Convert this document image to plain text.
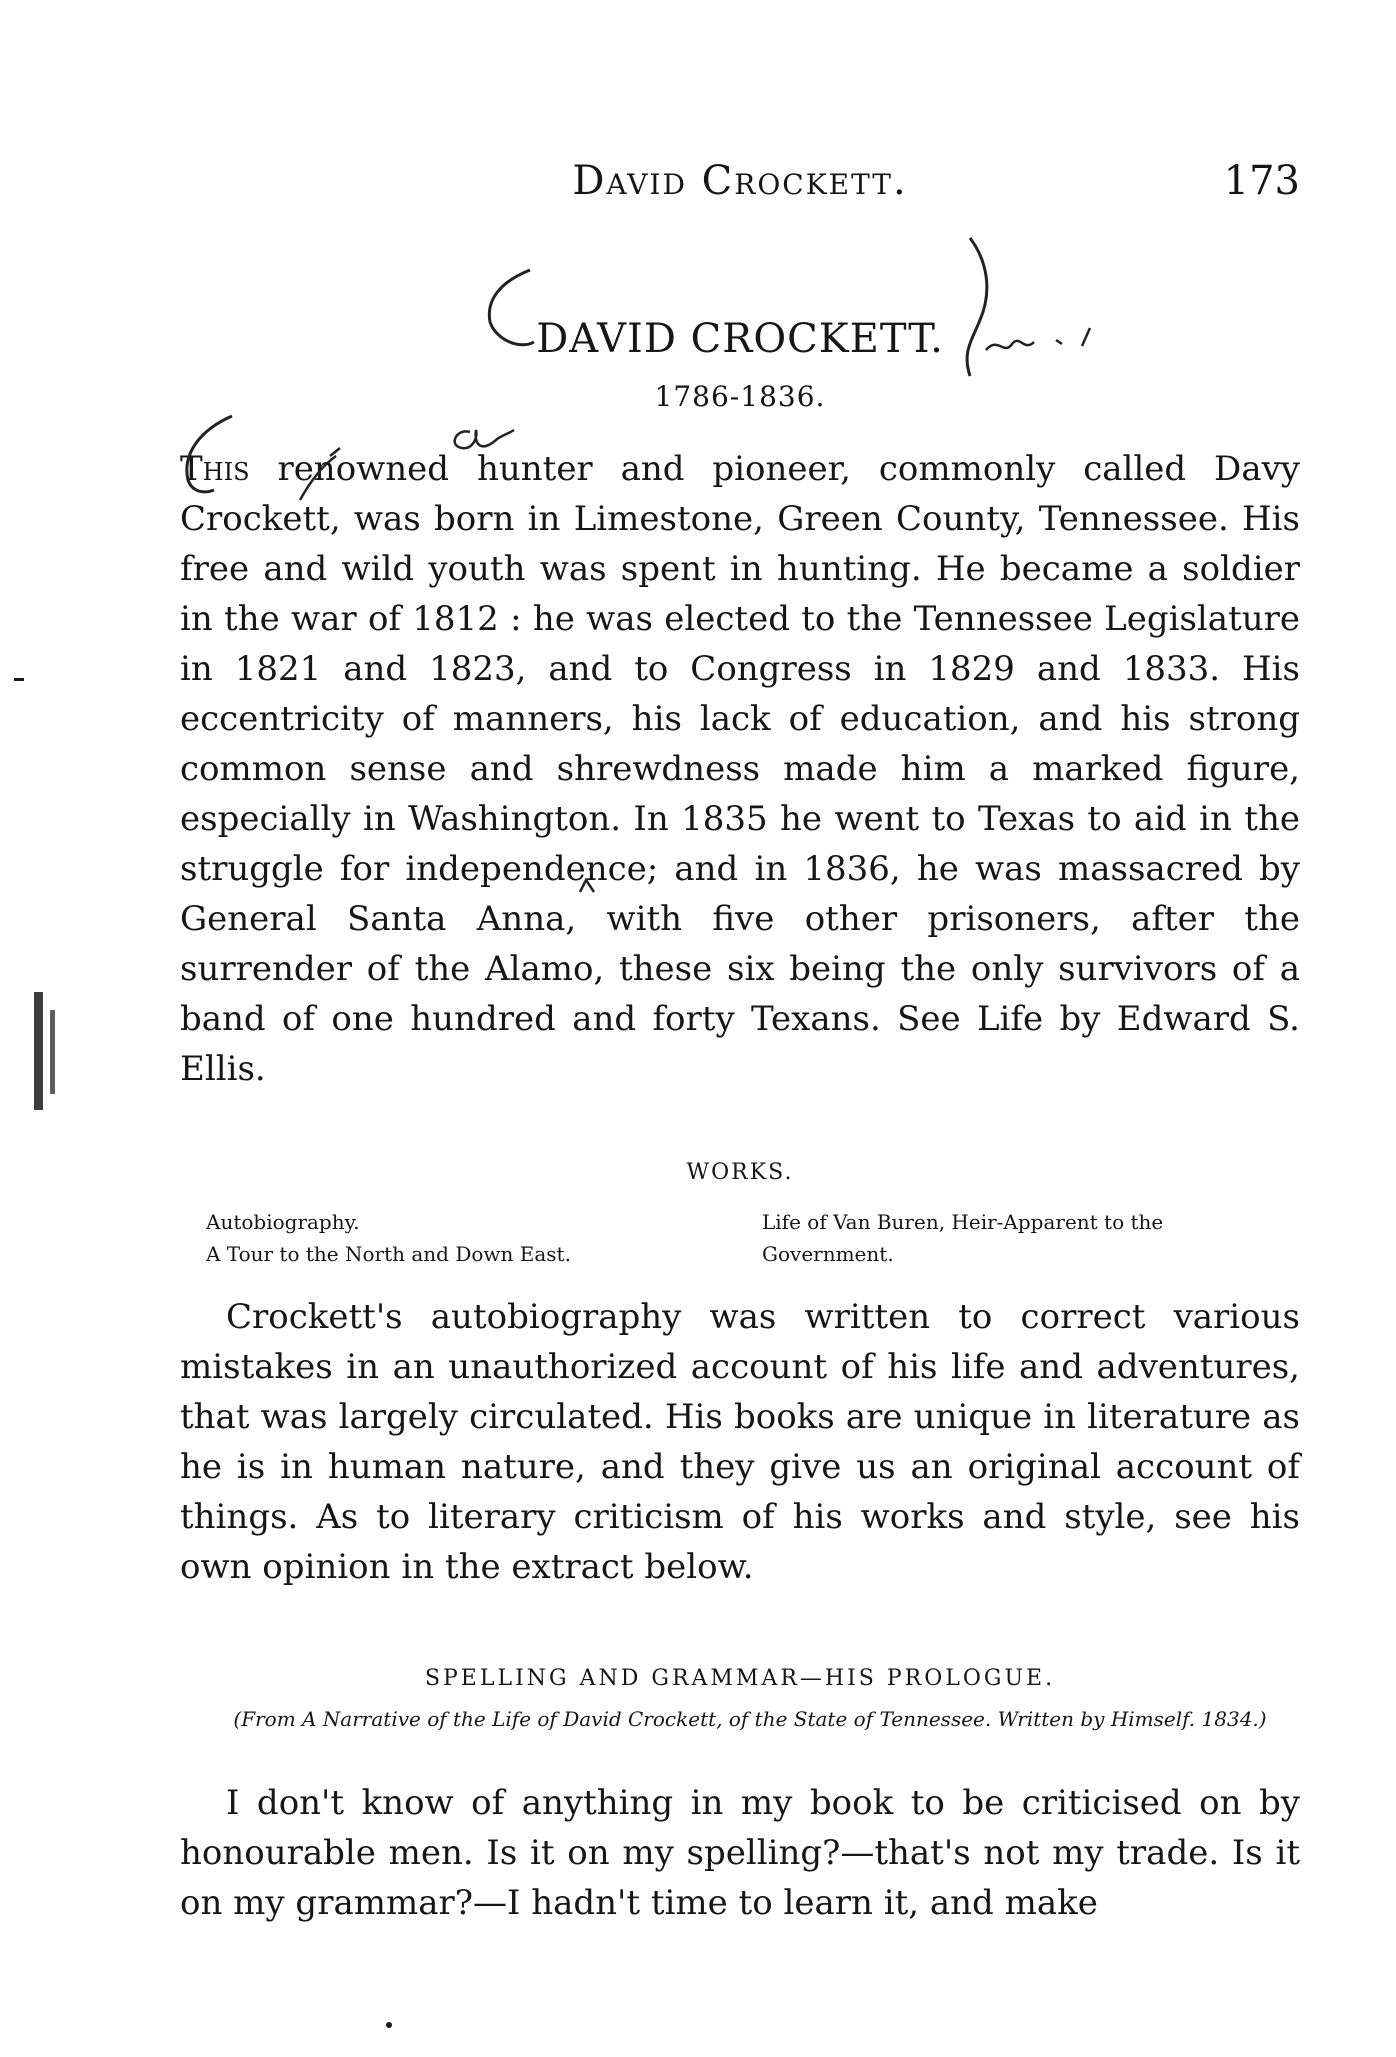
David Crockett.	173
DAVID CROCKETT.
1786-1836.
This renowned hunter and pioneer, commonly called Davy Crockett, was born in Limestone, Green County, Tennessee. His free and wild youth was spent in hunting. He became a soldier in the war of 1812 : he was elected to the Tennessee Legislature in 1821 and 1823, and to Congress in 1829 and 1833. His eccentricity of manners, his lack of education, and his strong common sense and shrewdness made him a marked figure, especially in Washington. In 1835 he went to Texas to aid in the struggle for independence; and in 1836, he was massacred by General Santa Anna, with five other prisoners, after the surrender of the Alamo, these six being the only survivors of a band of one hundred and forty Texans. See Life by Edward S. Ellis.
WORKS.
Autobiography.
A Tour to the North and Down East.
Life of Van Buren, Heir-Apparent to the
Government.
Crockett's autobiography was written to correct various mistakes in an unauthorized account of his life and adventures, that was largely circulated. His books are unique in literature as he is in human nature, and they give us an original account of things. As to literary criticism of his works and style, see his own opinion in the extract below.
SPELLING AND GRAMMAR—HIS PROLOGUE.
(From A Narrative of the Life of David Crockett, of the State of Tennessee. Written by Himself. 1834.)
I don't know of anything in my book to be criticised on by honourable men. Is it on my spelling?—that's not my trade. Is it on my grammar?—I hadn't time to learn it, and make
